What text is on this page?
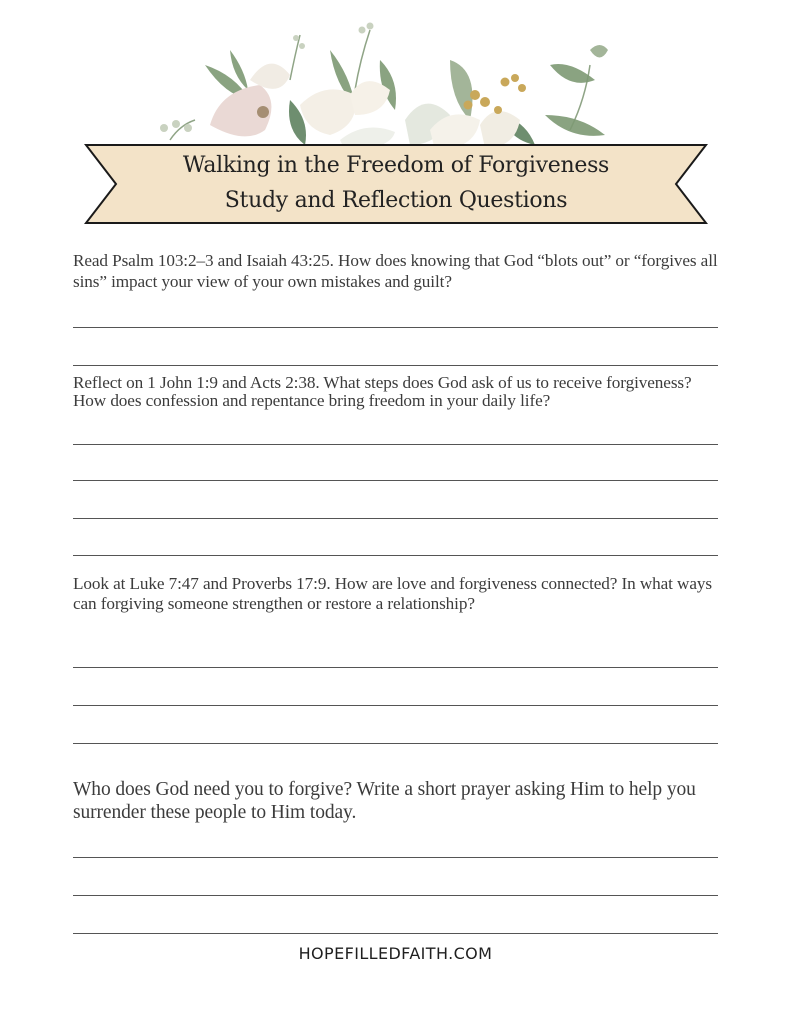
Walking in the Freedom of Forgiveness
Study and Reflection Questions
Read Psalm 103:2–3 and Isaiah 43:25. How does knowing that God “blots out” or “forgives all sins” impact your view of your own mistakes and guilt?
Reflect on 1 John 1:9 and Acts 2:38. What steps does God ask of us to receive forgiveness? How does confession and repentance bring freedom in your daily life?
Look at Luke 7:47 and Proverbs 17:9. How are love and forgiveness connected? In what ways can forgiving someone strengthen or restore a relationship?
Who does God need you to forgive? Write a short prayer asking Him to help you surrender these people to Him today.
HOPEFILLEDFAITH.COM
